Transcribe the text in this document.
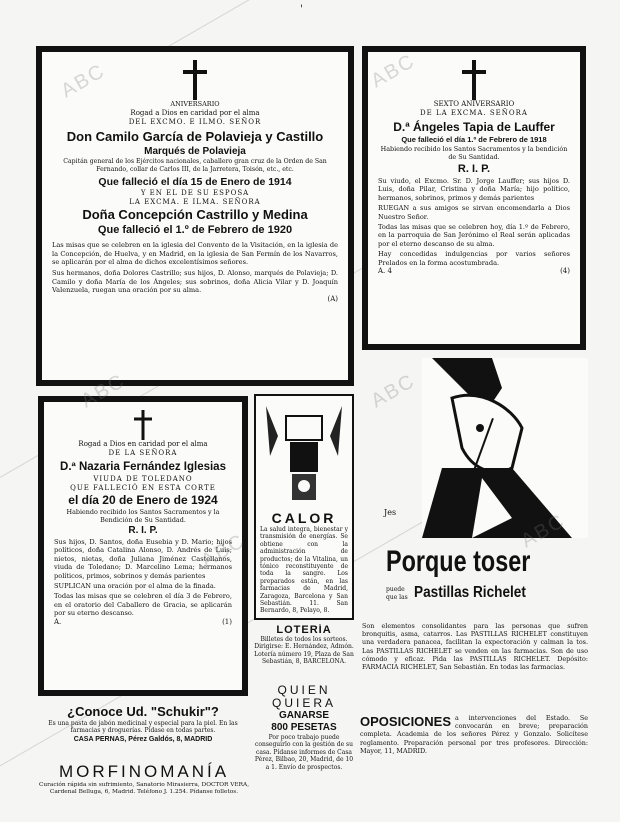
'
ANIVERSARIO
Rogad a Dios en caridad por el alma
DEL EXCMO. E ILMO. SEÑOR
Don Camilo García de Polavieja y Castillo
Marqués de Polavieja
Capitán general de los Ejércitos nacionales, caballero gran cruz de la Orden de San Fernando, collar de Carlos III, de la Jarretera, Toisón, etc., etc.
Que falleció el día 15 de Enero de 1914
Y EN EL DE SU ESPOSA
LA EXCMA. E ILMA. SEÑORA
Doña Concepción Castrillo y Medina
Que falleció el 1.º de Febrero de 1920
Las misas que se celebren en la iglesia del Convento de la Visitación, en la iglesia de la Concepción, de Huelva, y en Madrid, en la iglesia de San Fermín de los Navarros, se aplicarán por el alma de dichos excelentísimos señores.
Sus hermanos, doña Dolores Castrillo; sus hijos, D. Alonso, marqués de Polavieja; D. Camilo y doña María de los Ángeles; sus sobrinos, doña Alicia Vilar y D. Joaquín Valenzuela, ruegan una oración por su alma.
(A)
SEXTO ANIVERSARIO
DE LA EXCMA. SEÑORA
D.ª Ángeles Tapia de Lauffer
Que falleció el día 1.º de Febrero de 1918
Habiendo recibido los Santos Sacramentos y la bendición de Su Santidad.
R. I. P.
Su viudo, el Excmo. Sr. D. Jorge Lauffer; sus hijos D. Luis, doña Pilar, Cristina y doña María; hijo político, hermanos, sobrinos, primos y demás parientes
RUEGAN a sus amigos se sirvan encomendarla a Dios Nuestro Señor.
Todas las misas que se celebren hoy, día 1.º de Febrero, en la parroquia de San Jerónimo el Real serán aplicadas por el eterno descanso de su alma.
Hay concedidas indulgencias por varios señores Prelados en la forma acostumbrada.
A. 4	(4)
Rogad a Dios en caridad por el alma
DE LA SEÑORA
D.ª Nazaria Fernández Iglesias
VIUDA DE TOLEDANO
QUE FALLECIÓ EN ESTA CORTE
el día 20 de Enero de 1924
Habiendo recibido los Santos Sacramentos y la Bendición de Su Santidad.
R. I. P.
Sus hijos, D. Santos, doña Eusebia y D. Mario; hijos políticos, doña Catalina Alonso, D. Andrés de Luis; nietos, nietas, doña Juliana Jiménez Castellanos, viuda de Toledano; D. Marcelino Lema; hermanos políticos, primos, sobrinos y demás parientes
SUPLICAN una oración por el alma de la finada.
Todas las misas que se celebren el día 3 de Febrero, en el oratorio del Caballero de Gracia, se aplicarán por su eterno descanso.
A.	(1)
CALOR
La salud integra, bienestar y transmisión de energías. Se obtiene con la administración de productos; de la Vitalina, un tónico reconstituyente de toda la sangre. Los preparados están, en las farmacias de Madrid, Zaragoza, Barcelona y San Sebastián. 11. San Bernardo, 8, Pelayo, 8.
LOTERÍA
Billetes de todos los sorteos. Dirigirse: E. Hernández, Admón. Lotería número 19, Plaza de San Sebastián, 8, BARCELONA.
QUIEN
QUIERA
GANARSE
800 PESETAS
Por poco trabajo puede conseguirlo con la gestión de su casa. Pídanse informes de Casa Pérez, Bilbao, 20, Madrid, de 10 a 1. Envío de prospectos.
Jes
Porque toser
puede
que las Pastillas Richelet
Son elementos consolidantes para las personas que sufren bronquitis, asma, catarros. Las PASTILLAS RICHELET constituyen una verdadera panacea, facilitan la expectoración y calman la tos. Las PASTILLAS RICHELET se venden en las farmacias. Son de uso cómodo y eficaz. Pida las PASTILLAS RICHELET. Depósito: FARMACIA RICHELET, San Sebastián. En todas las farmacias.
¿Conoce Ud. "Schukir"?
Es una pasta de jabón medicinal y especial para la piel. En las farmacias y droguerías. Pídase en todas partes.
CASA PERNAS, Pérez Galdós, 8, MADRID
MORFINOMANÍA
Curación rápida sin sufrimiento, Sanatorio Mirasierra, DOCTOR VERA, Cardenal Belluga, 6, Madrid. Teléfono J. 1.254. Pídanse folletos.
OPOSICIONES a intervenciones del Estado. Se convocarán en breve; preparación completa. Academia de los señores Pérez y Gonzalo. Solicítese reglamento. Preparación personal por tres profesores. Dirección: Mayor, 11, MADRID.
ABC	ABC
ABC	ABC
ABC	ABC
